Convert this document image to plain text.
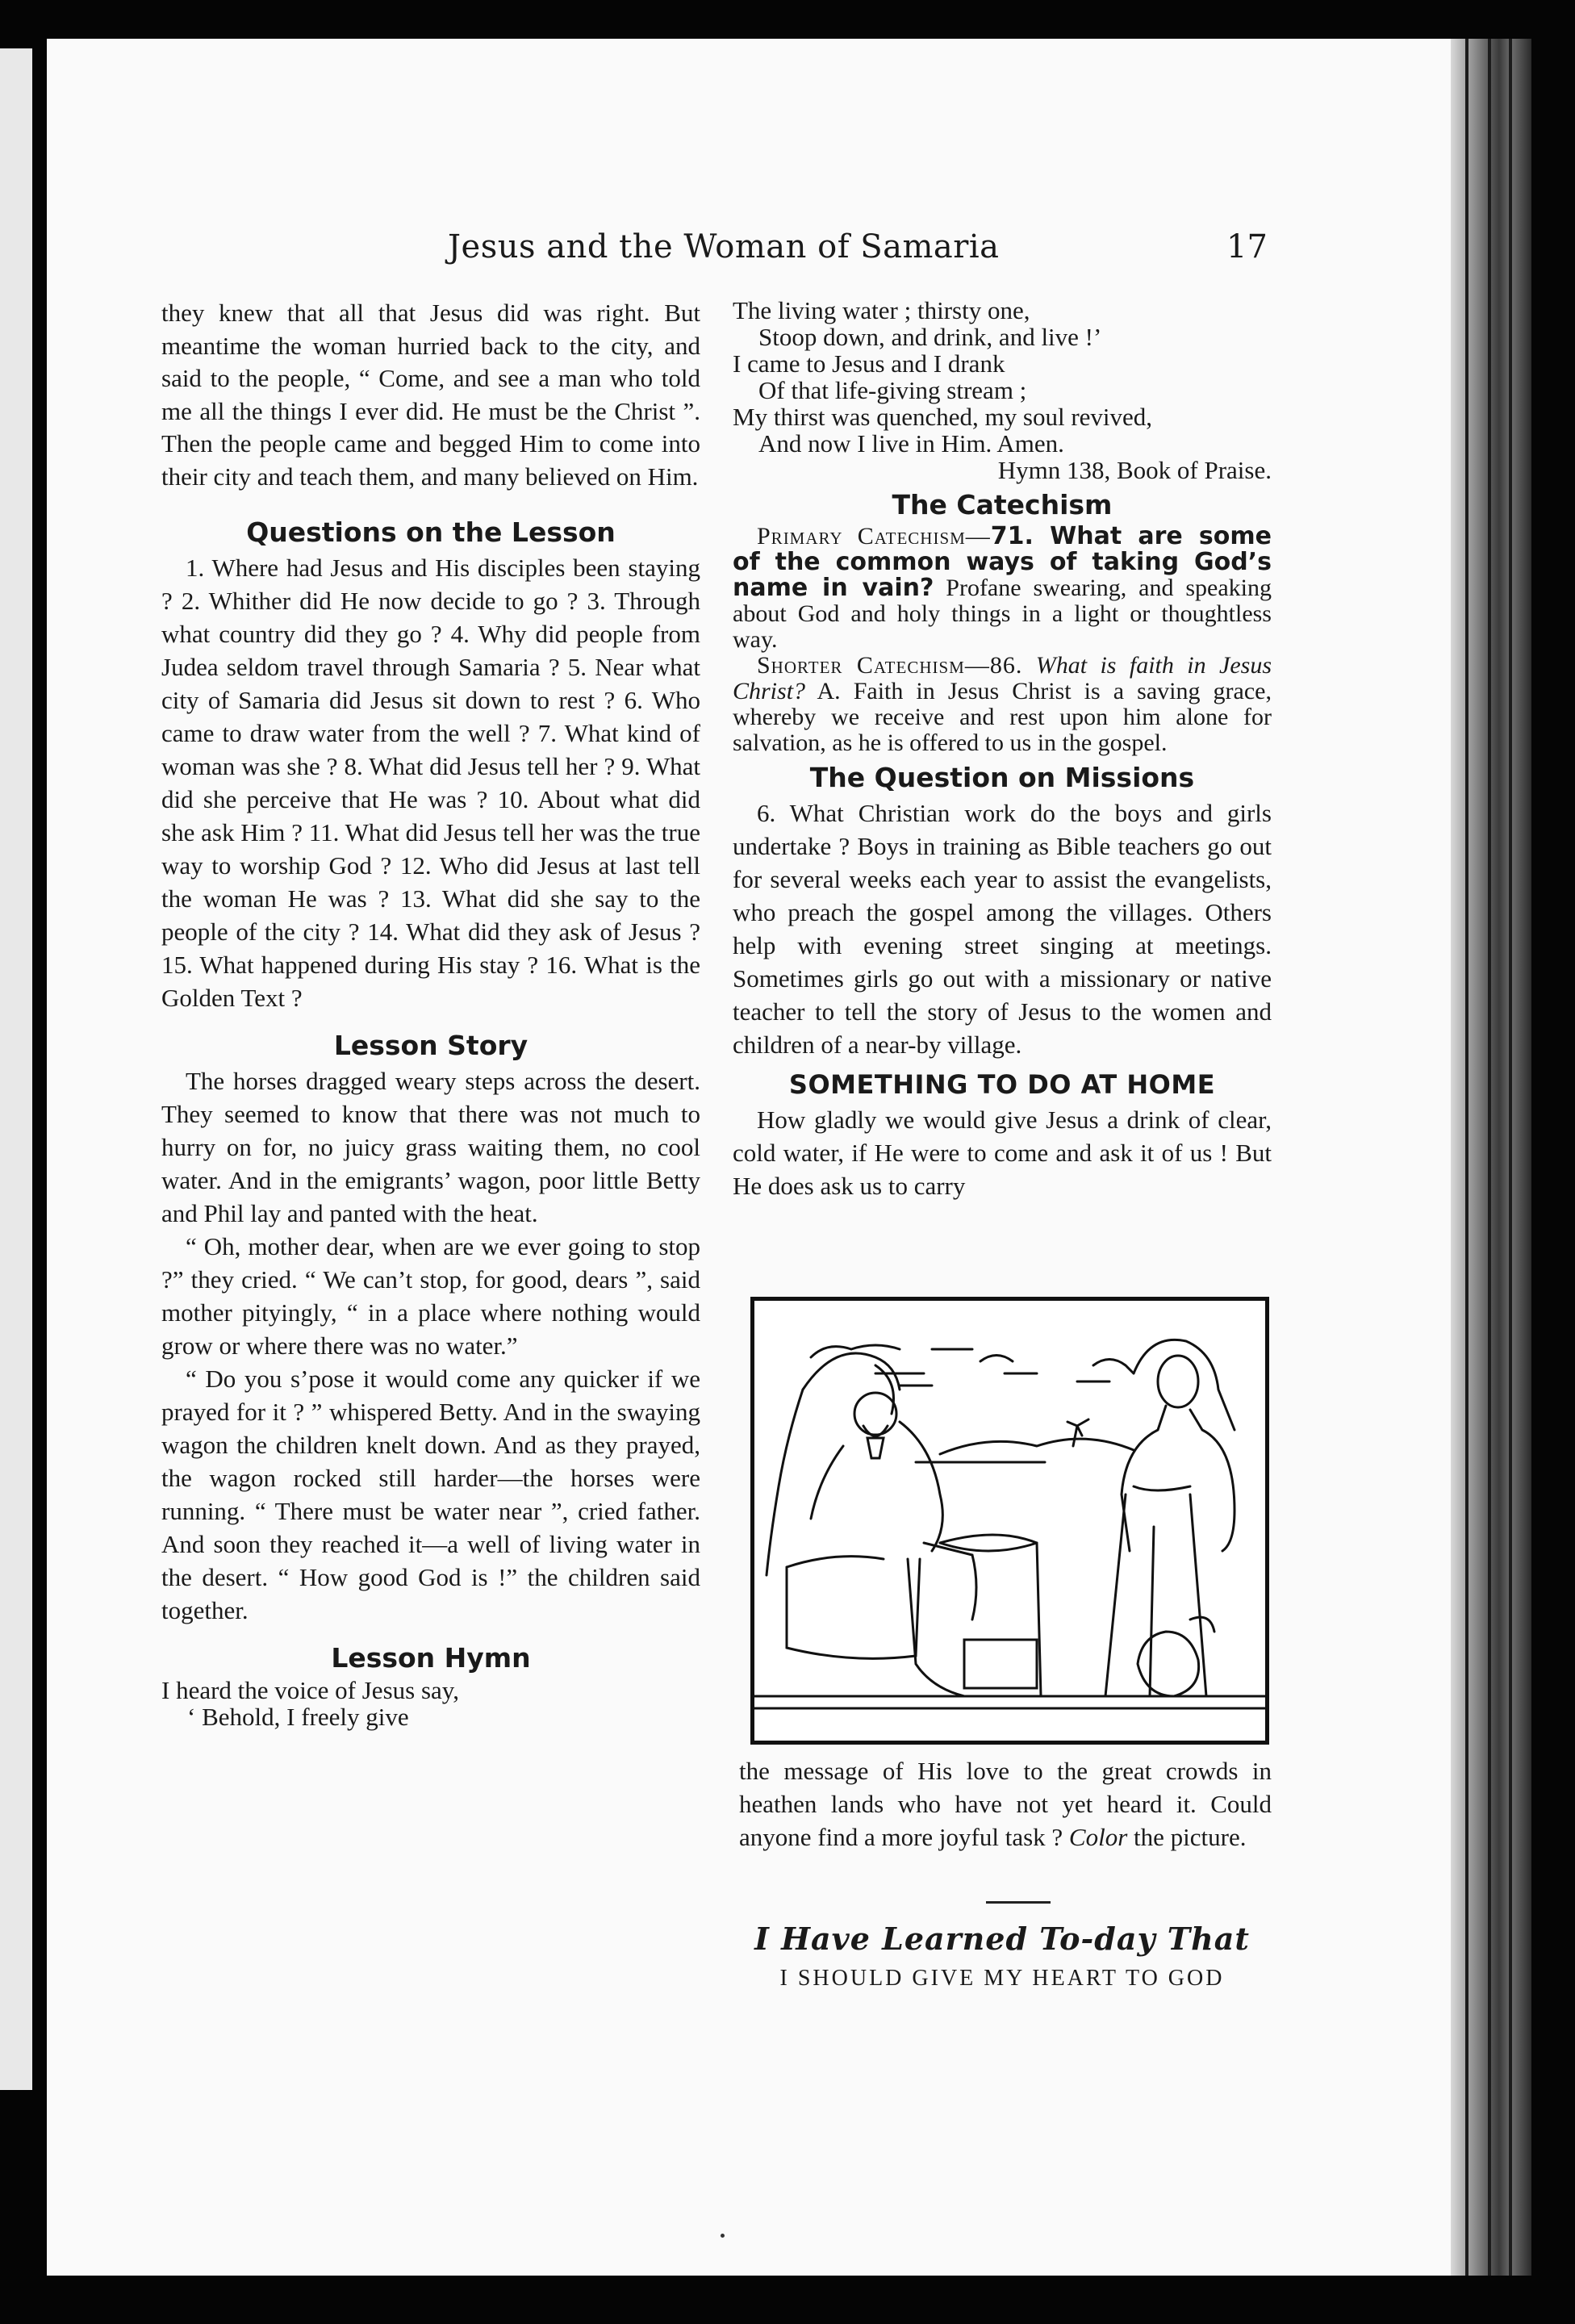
Jesus and the Woman of Samaria	17

they knew that all that Jesus did was right. But meantime the woman hurried back to the city, and said to the people, “ Come, and see a man who told me all the things I ever did. He must be the Christ ”. Then the people came and begged Him to come into their city and teach them, and many believed on Him.

Questions on the Lesson

1. Where had Jesus and His disciples been staying ? 2. Whither did He now decide to go ? 3. Through what country did they go ? 4. Why did people from Judea seldom travel through Samaria ? 5. Near what city of Samaria did Jesus sit down to rest ? 6. Who came to draw water from the well ? 7. What kind of woman was she ? 8. What did Jesus tell her ? 9. What did she perceive that He was ? 10. About what did she ask Him ? 11. What did Jesus tell her was the true way to worship God ? 12. Who did Jesus at last tell the woman He was ? 13. What did she say to the people of the city ? 14. What did they ask of Jesus ? 15. What happened during His stay ? 16. What is the Golden Text ?

Lesson Story

The horses dragged weary steps across the desert. They seemed to know that there was not much to hurry on for, no juicy grass waiting them, no cool water. And in the emigrants’ wagon, poor little Betty and Phil lay and panted with the heat.

“ Oh, mother dear, when are we ever going to stop ?” they cried. “ We can’t stop, for good, dears ”, said mother pityingly, “ in a place where nothing would grow or where there was no water.”

“ Do you s’pose it would come any quicker if we prayed for it ? ” whispered Betty. And in the swaying wagon the children knelt down. And as they prayed, the wagon rocked still harder—the horses were running. “ There must be water near ”, cried father. And soon they reached it—a well of living water in the desert. “ How good God is !” the children said together.

Lesson Hymn

I heard the voice of Jesus say,

‘ Behold, I freely give

The living water ; thirsty one,

Stoop down, and drink, and live !’

I came to Jesus and I drank

Of that life-giving stream ;

My thirst was quenched, my soul revived,

And now I live in Him. Amen.

Hymn 138, Book of Praise.

The Catechism

Primary Catechism—71. What are some of the common ways of taking God’s name in vain? Profane swearing, and speaking about God and holy things in a light or thoughtless way.

Shorter Catechism—86. What is faith in Jesus Christ? A. Faith in Jesus Christ is a saving grace, whereby we receive and rest upon him alone for salvation, as he is offered to us in the gospel.

The Question on Missions

6. What Christian work do the boys and girls undertake ? Boys in training as Bible teachers go out for several weeks each year to assist the evangelists, who preach the gospel among the villages. Others help with evening street singing at meetings. Sometimes girls go out with a missionary or native teacher to tell the story of Jesus to the women and children of a near-by village.

SOMETHING TO DO AT HOME

How gladly we would give Jesus a drink of clear, cold water, if He were to come and ask it of us ! But He does ask us to carry

the message of His love to the great crowds in heathen lands who have not yet heard it. Could anyone find a more joyful task ? Color the picture.

I Have Learned To-day That
I SHOULD GIVE MY HEART TO GOD
